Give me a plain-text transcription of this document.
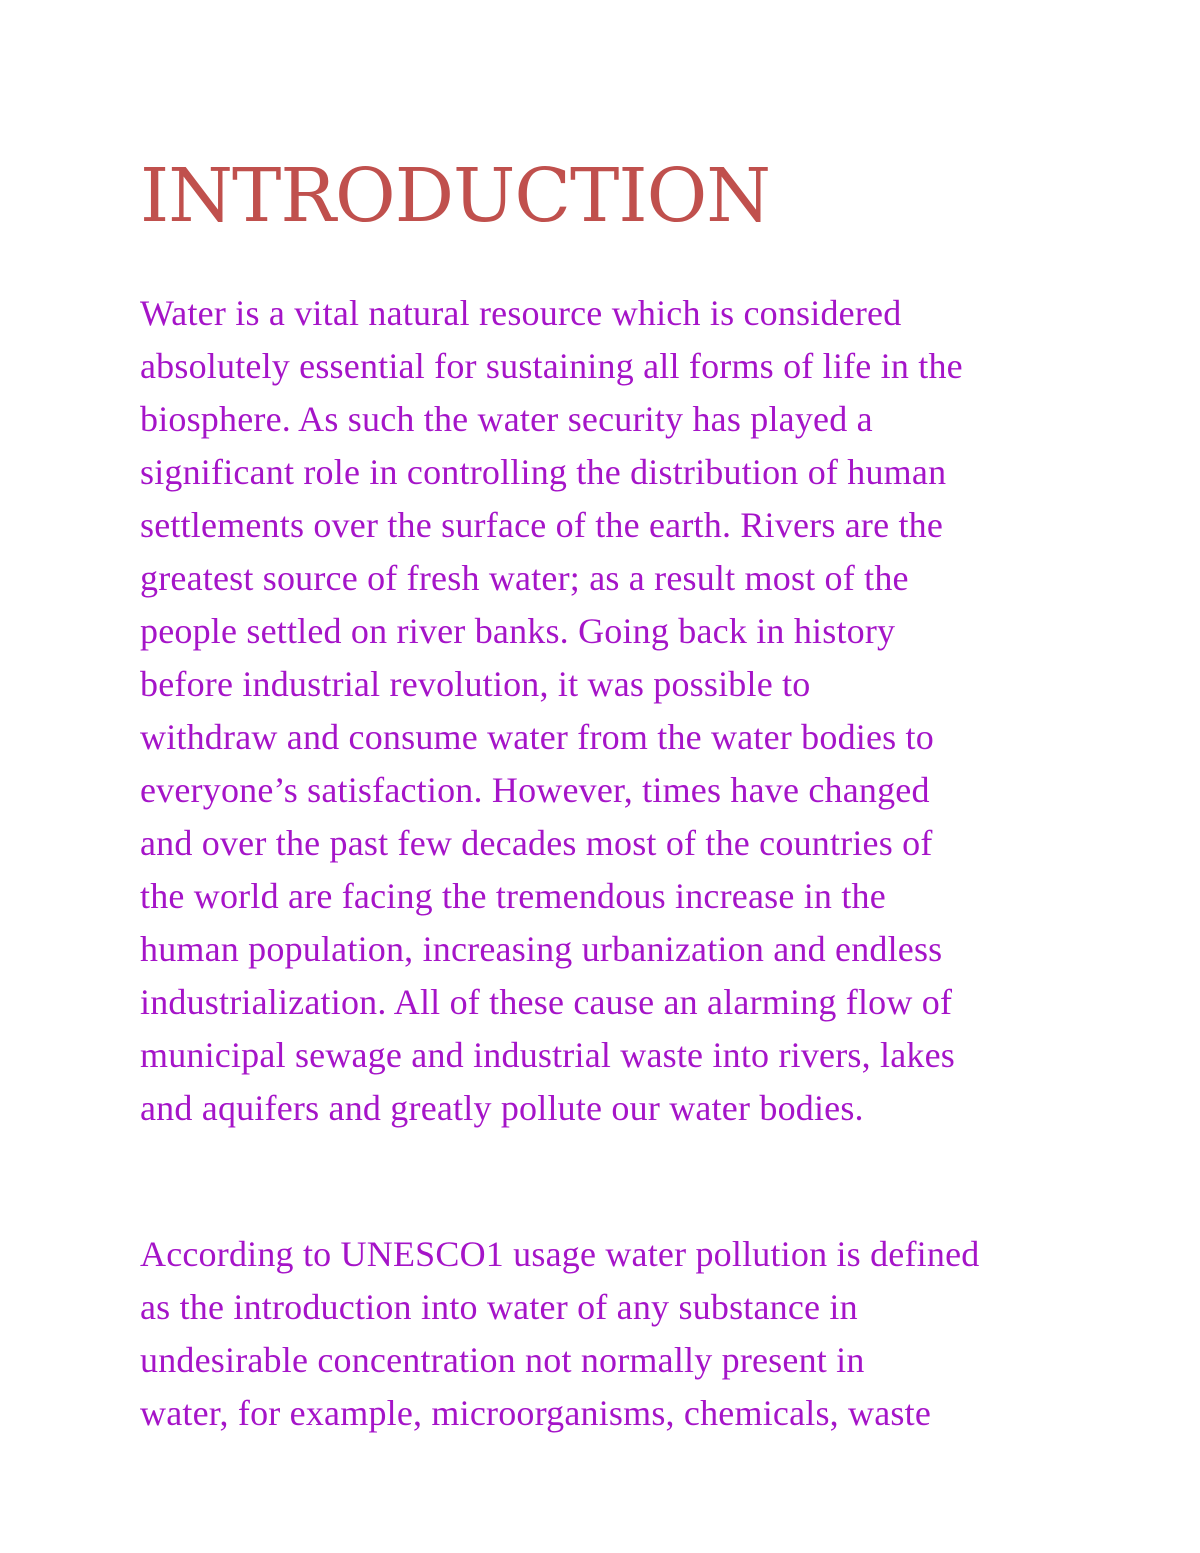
INTRODUCTION

Water is a vital natural resource which is considered
absolutely essential for sustaining all forms of life in the
biosphere. As such the water security has played a
significant role in controlling the distribution of human
settlements over the surface of the earth. Rivers are the
greatest source of fresh water; as a result most of the
people settled on river banks. Going back in history
before industrial revolution, it was possible to
withdraw and consume water from the water bodies to
everyone’s satisfaction. However, times have changed
and over the past few decades most of the countries of
the world are facing the tremendous increase in the
human population, increasing urbanization and endless
industrialization. All of these cause an alarming flow of
municipal sewage and industrial waste into rivers, lakes
and aquifers and greatly pollute our water bodies.

According to UNESCO1 usage water pollution is defined
as the introduction into water of any substance in
undesirable concentration not normally present in
water, for example, microorganisms, chemicals, waste
